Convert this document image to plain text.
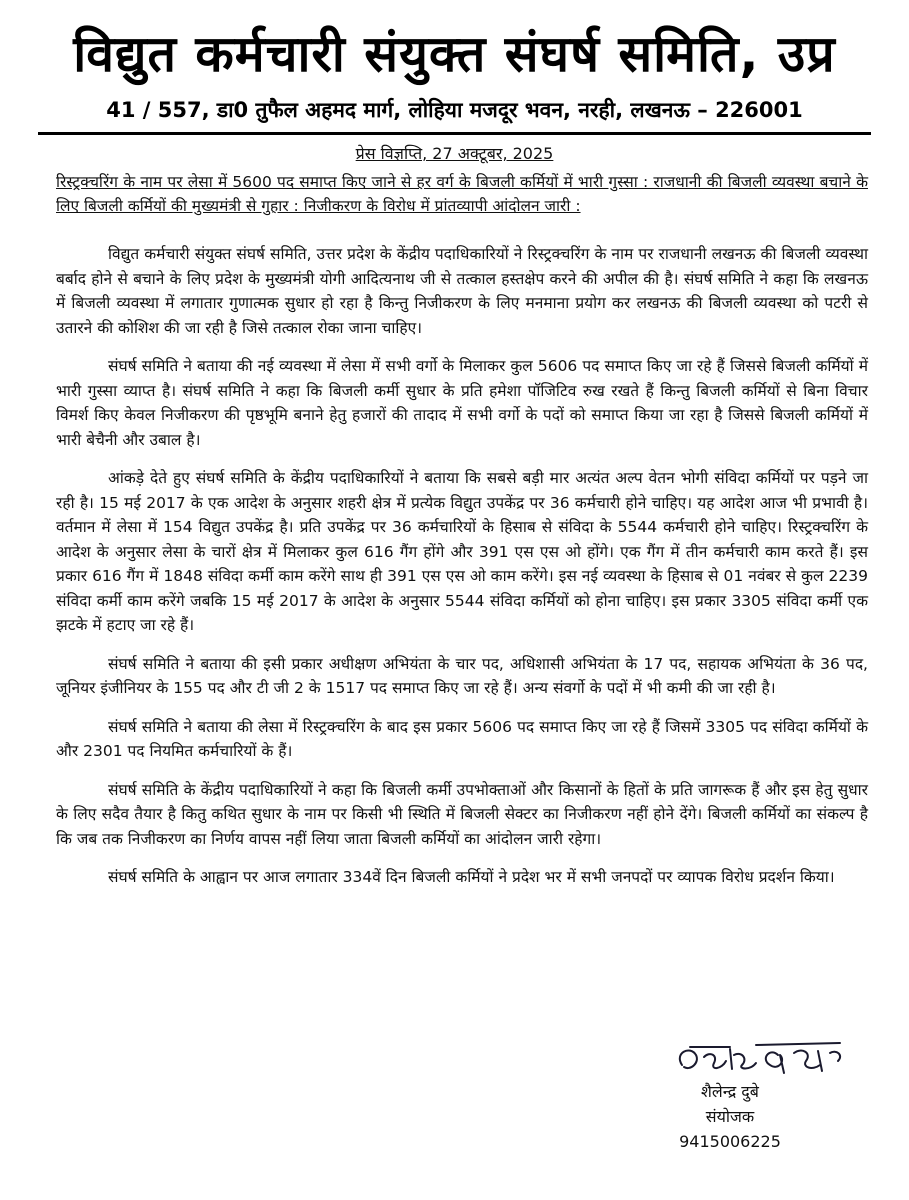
विद्युत कर्मचारी संयुक्त संघर्ष समिति, उप्र
41 / 557, डा0 तुफैल अहमद मार्ग, लोहिया मजदूर भवन, नरही, लखनऊ – 226001
प्रेस विज्ञप्ति, 27 अक्टूबर, 2025
रिस्ट्रक्चरिंग के नाम पर लेसा में 5600 पद समाप्त किए जाने से हर वर्ग के बिजली कर्मियों में भारी गुस्सा : राजधानी की बिजली व्यवस्था बचाने के लिए बिजली कर्मियों की मुख्यमंत्री से गुहार : निजीकरण के विरोध में प्रांतव्यापी आंदोलन जारी :

विद्युत कर्मचारी संयुक्त संघर्ष समिति, उत्तर प्रदेश के केंद्रीय पदाधिकारियों ने रिस्ट्रक्चरिंग के नाम पर राजधानी लखनऊ की बिजली व्यवस्था बर्बाद होने से बचाने के लिए प्रदेश के मुख्यमंत्री योगी आदित्यनाथ जी से तत्काल हस्तक्षेप करने की अपील की है। संघर्ष समिति ने कहा कि लखनऊ में बिजली व्यवस्था में लगातार गुणात्मक सुधार हो रहा है किन्तु निजीकरण के लिए मनमाना प्रयोग कर लखनऊ की बिजली व्यवस्था को पटरी से उतारने की कोशिश की जा रही है जिसे तत्काल रोका जाना चाहिए।

संघर्ष समिति ने बताया की नई व्यवस्था में लेसा में सभी वर्गो के मिलाकर कुल 5606 पद समाप्त किए जा रहे हैं जिससे बिजली कर्मियों में भारी गुस्सा व्याप्त है। संघर्ष समिति ने कहा कि बिजली कर्मी सुधार के प्रति हमेशा पॉजिटिव रुख रखते हैं किन्तु बिजली कर्मियों से बिना विचार विमर्श किए केवल निजीकरण की पृष्ठभूमि बनाने हेतु हजारों की तादाद में सभी वर्गो के पदों को समाप्त किया जा रहा है जिससे बिजली कर्मियों में भारी बेचैनी और उबाल है।

आंकड़े देते हुए संघर्ष समिति के केंद्रीय पदाधिकारियों ने बताया कि सबसे बड़ी मार अत्यंत अल्प वेतन भोगी संविदा कर्मियों पर पड़ने जा रही है। 15 मई 2017 के एक आदेश के अनुसार शहरी क्षेत्र में प्रत्येक विद्युत उपकेंद्र पर 36 कर्मचारी होने चाहिए। यह आदेश आज भी प्रभावी है। वर्तमान में लेसा में 154 विद्युत उपकेंद्र है। प्रति उपकेंद्र पर 36 कर्मचारियों के हिसाब से संविदा के 5544 कर्मचारी होने चाहिए। रिस्ट्रक्चरिंग के आदेश के अनुसार लेसा के चारों क्षेत्र में मिलाकर कुल 616 गैंग होंगे और 391 एस एस ओ होंगे। एक गैंग में तीन कर्मचारी काम करते हैं। इस प्रकार 616 गैंग में 1848 संविदा कर्मी काम करेंगे साथ ही 391 एस एस ओ काम करेंगे। इस नई व्यवस्था के हिसाब से 01 नवंबर से कुल 2239 संविदा कर्मी काम करेंगे जबकि 15 मई 2017 के आदेश के अनुसार 5544 संविदा कर्मियों को होना चाहिए। इस प्रकार 3305 संविदा कर्मी एक झटके में हटाए जा रहे हैं।

संघर्ष समिति ने बताया की इसी प्रकार अधीक्षण अभियंता के चार पद, अधिशासी अभियंता के 17 पद, सहायक अभियंता के 36 पद, जूनियर इंजीनियर के 155 पद और टी जी 2 के 1517 पद समाप्त किए जा रहे हैं। अन्य संवर्गो के पदों में भी कमी की जा रही है।

संघर्ष समिति ने बताया की लेसा में रिस्ट्रक्चरिंग के बाद इस प्रकार 5606 पद समाप्त किए जा रहे हैं जिसमें 3305 पद संविदा कर्मियों के और 2301 पद नियमित कर्मचारियों के हैं।

संघर्ष समिति के केंद्रीय पदाधिकारियों ने कहा कि बिजली कर्मी उपभोक्ताओं और किसानों के हितों के प्रति जागरूक हैं और इस हेतु सुधार के लिए सदैव तैयार है कितु कथित सुधार के नाम पर किसी भी स्थिति में बिजली सेक्टर का निजीकरण नहीं होने देंगे। बिजली कर्मियों का संकल्प है कि जब तक निजीकरण का निर्णय वापस नहीं लिया जाता बिजली कर्मियों का आंदोलन जारी रहेगा।

संघर्ष समिति के आह्वान पर आज लगातार 334वें दिन बिजली कर्मियों ने प्रदेश भर में सभी जनपदों पर व्यापक विरोध प्रदर्शन किया।

शैलेन्द्र दुबे
संयोजक
9415006225
